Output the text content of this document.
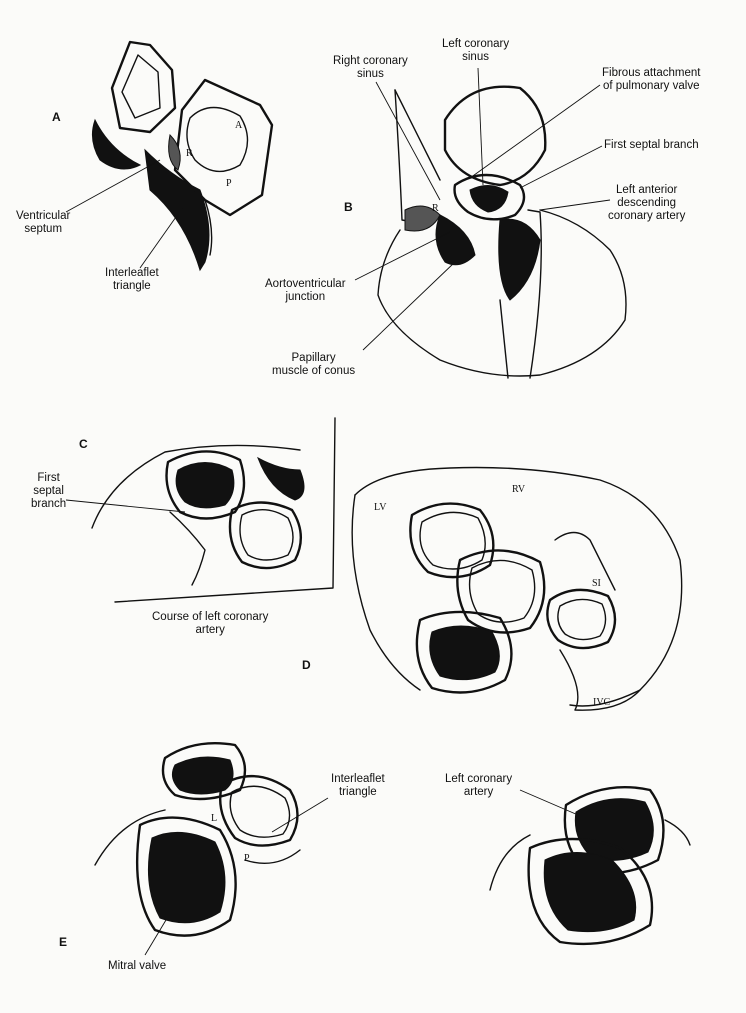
A
B
C
D
E
Right coronary
sinus
Left coronary
sinus
Fibrous attachment
of pulmonary valve
First septal branch
Left anterior
descending
coronary artery
Ventricular
septum
Interleaflet
triangle	Aortoventricular
junction
Papillary
muscle of conus
First
septal
branch
Course of left coronary
artery
Interleaflet
triangle
Left coronary
artery
Mitral valve
R
A
P
R
LV
RV
SI
IVC
L
P
